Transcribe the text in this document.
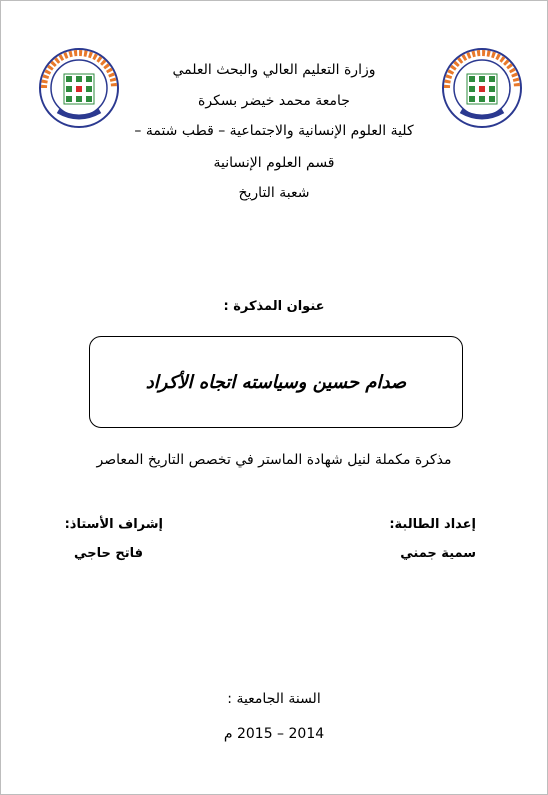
وزارة التعليم العالي والبحث العلمي
جامعة محمد خيضر بسكرة
كلية العلوم الإنسانية والاجتماعية – قطب شتمة –
قسم العلوم الإنسانية
شعبة التاريخ
عنوان المذكرة :
صدام حسين وسياسته اتجاه الأكراد
مذكرة مكملة لنيل شهادة الماستر في تخصص التاريخ المعاصر
إعداد الطالبة:
سمية جمني
إشراف الأستاذ:
فاتح حاجي
السنة الجامعية :
2014 – 2015 م
